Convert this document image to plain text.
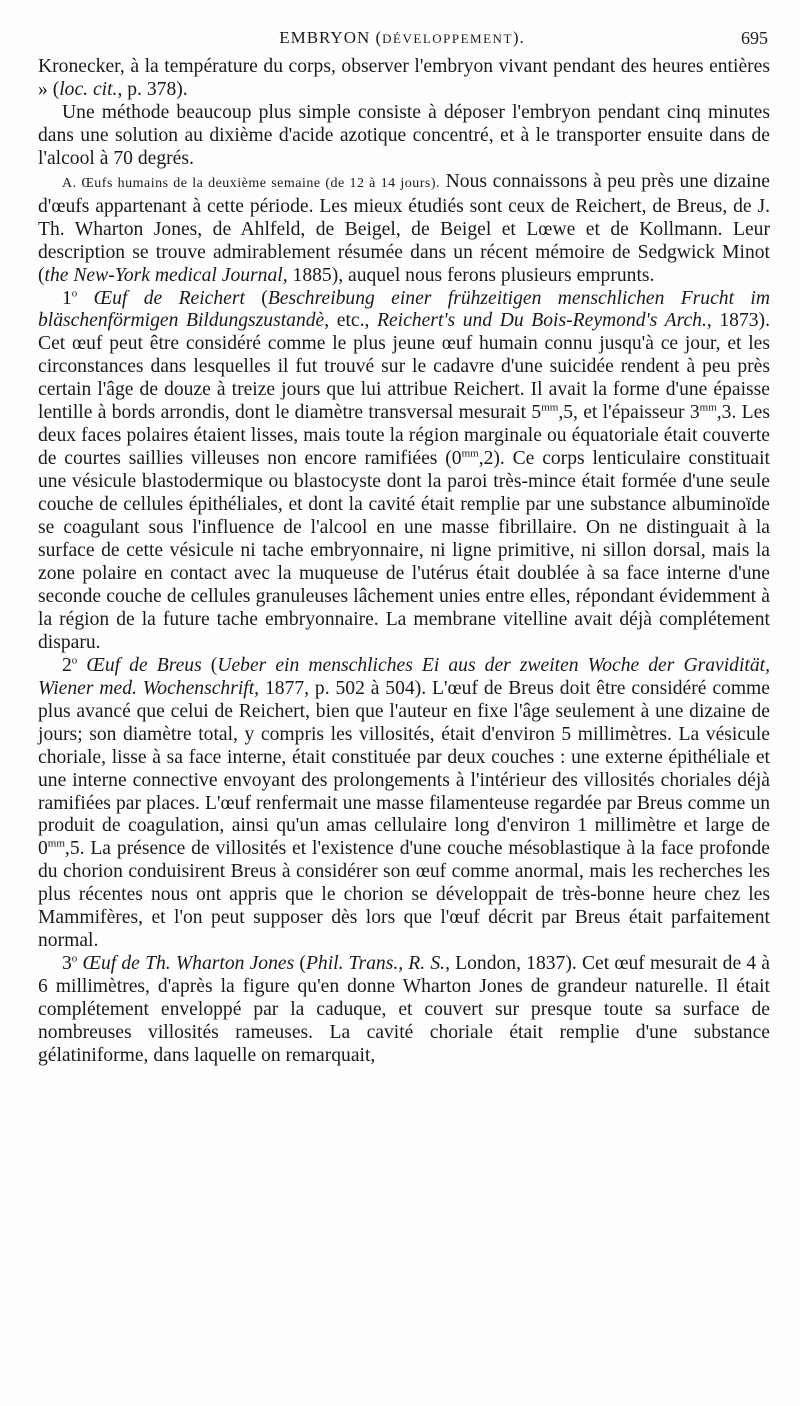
EMBRYON (DÉVELOPPEMENT).	695

Kronecker, à la température du corps, observer l'embryon vivant pendant des heures entières » (loc. cit., p. 378).

Une méthode beaucoup plus simple consiste à déposer l'embryon pendant cinq minutes dans une solution au dixième d'acide azotique concentré, et à le transporter ensuite dans de l'alcool à 70 degrés.

A. Œufs humains de la deuxième semaine (de 12 à 14 jours). Nous connaissons à peu près une dizaine d'œufs appartenant à cette période. Les mieux étudiés sont ceux de Reichert, de Breus, de J. Th. Wharton Jones, de Ahlfeld, de Beigel, de Beigel et Lœwe et de Kollmann. Leur description se trouve admirablement résumée dans un récent mémoire de Sedgwick Minot (the New-York medical Journal, 1885), auquel nous ferons plusieurs emprunts.

1$^o$ Œuf de Reichert (Beschreibung einer frühzeitigen menschlichen Frucht im bläschenförmigen Bildungszustandè, etc., Reichert's und Du Bois-Reymond's Arch., 1873). Cet œuf peut être considéré comme le plus jeune œuf humain connu jusqu'à ce jour, et les circonstances dans lesquelles il fut trouvé sur le cadavre d'une suicidée rendent à peu près certain l'âge de douze à treize jours que lui attribue Reichert. Il avait la forme d'une épaisse lentille à bords arrondis, dont le diamètre transversal mesurait $5^{mm},5$, et l'épaisseur $3^{mm},3$. Les deux faces polaires étaient lisses, mais toute la région marginale ou équatoriale était couverte de courtes saillies villeuses non encore ramifiées $(0^{mm},2)$. Ce corps lenticulaire constituait une vésicule blastodermique ou blastocyste dont la paroi très-mince était formée d'une seule couche de cellules épithéliales, et dont la cavité était remplie par une substance albuminoïde se coagulant sous l'influence de l'alcool en une masse fibrillaire. On ne distinguait à la surface de cette vésicule ni tache embryonnaire, ni ligne primitive, ni sillon dorsal, mais la zone polaire en contact avec la muqueuse de l'utérus était doublée à sa face interne d'une seconde couche de cellules granuleuses lâchement unies entre elles, répondant évidemment à la région de la future tache embryonnaire. La membrane vitelline avait déjà complétement disparu.

2$^o$ Œuf de Breus (Ueber ein menschliches Ei aus der zweiten Woche der Gravidität, Wiener med. Wochenschrift, 1877, p. 502 à 504). L'œuf de Breus doit être considéré comme plus avancé que celui de Reichert, bien que l'auteur en fixe l'âge seulement à une dizaine de jours; son diamètre total, y compris les villosités, était d'environ 5 millimètres. La vésicule choriale, lisse à sa face interne, était constituée par deux couches : une externe épithéliale et une interne connective envoyant des prolongements à l'intérieur des villosités choriales déjà ramifiées par places. L'œuf renfermait une masse filamenteuse regardée par Breus comme un produit de coagulation, ainsi qu'un amas cellulaire long d'environ 1 millimètre et large de $0^{mm},5$. La présence de villosités et l'existence d'une couche mésoblastique à la face profonde du chorion conduisirent Breus à considérer son œuf comme anormal, mais les recherches les plus récentes nous ont appris que le chorion se développait de très-bonne heure chez les Mammifères, et l'on peut supposer dès lors que l'œuf décrit par Breus était parfaitement normal.

3$^o$ Œuf de Th. Wharton Jones (Phil. Trans., R. S., London, 1837). Cet œuf mesurait de 4 à 6 millimètres, d'après la figure qu'en donne Wharton Jones de grandeur naturelle. Il était complétement enveloppé par la caduque, et couvert sur presque toute sa surface de nombreuses villosités rameuses. La cavité choriale était remplie d'une substance gélatiniforme, dans laquelle on remarquait,
